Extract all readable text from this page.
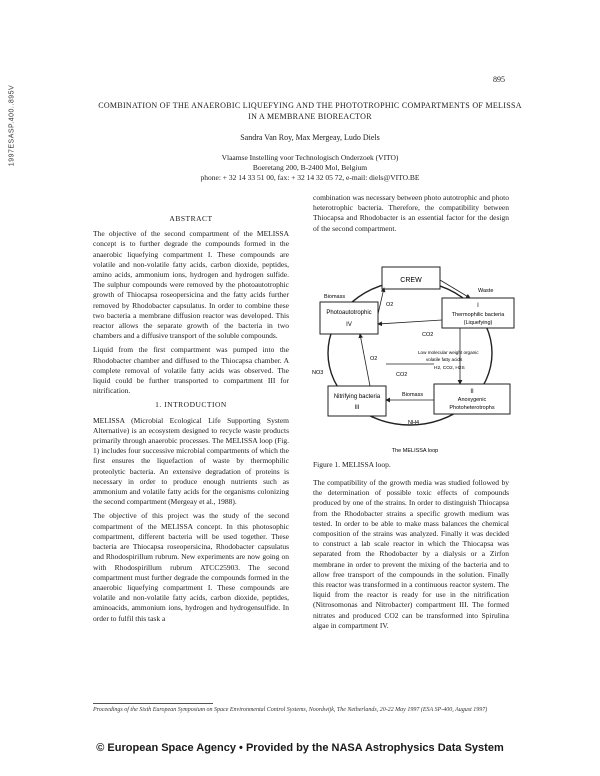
1997ESASP.400..895V
895
COMBINATION OF THE ANAEROBIC LIQUEFYING AND THE PHOTOTROPHIC COMPARTMENTS OF MELISSA IN A MEMBRANE BIOREACTOR
Sandra Van Roy, Max Mergeay, Ludo Diels
Vlaamse Instelling voor Technologisch Onderzoek (VITO)
Boeretang 200, B-2400 Mol, Belgium
phone: + 32 14 33 51 00, fax: + 32 14 32 05 72, e-mail: diels@VITO.BE
ABSTRACT

The objective of the second compartment of the MELISSA concept is to further degrade the compounds formed in the anaerobic liquefying compartment I. These compounds are volatile and non-volatile fatty acids, carbon dioxide, peptides, amino acids, ammonium ions, hydrogen and hydrogen sulfide. The sulphur compounds were removed by the photoautotrophic growth of Thiocapsa roseopersicina and the fatty acids further removed by Rhodobacter capsulatus. In order to combine these two bacteria a membrane diffusion reactor was developed. This reactor allows the separate growth of the bacteria in two chambers and a diffusive transport of the soluble compounds.

Liquid from the first compartment was pumped into the Rhodobacter chamber and diffused to the Thiocapsa chamber. A complete removal of volatile fatty acids was observed. The liquid could be further transported to compartment III for nitrification.

1. INTRODUCTION

MELISSA (Microbial Ecological Life Supporting System Alternative) is an ecosystem designed to recycle waste products primarily through anaerobic processes. The MELISSA loop (Fig. 1) includes four successive microbial compartments of which the first ensures the liquefaction of waste by thermophilic proteolytic bacteria. An extensive degradation of proteins is necessary in order to produce enough nutrients such as ammonium and volatile fatty acids for the organisms colonizing the second compartment (Mergeay et al., 1988).

The objective of this project was the study of the second compartment of the MELISSA concept. In this photosophic compartment, different bacteria will be used together. These bacteria are Thiocapsa roseopersicina, Rhodobacter capsulatus and Rhodospirillum rubrum. New experiments are now going on with Rhodospirillum rubrum ATCC25903. The second compartment must further degrade the compounds formed in the anaerobic liquefying compartment I. These compounds are volatile and non-volatile fatty acids, carbon dioxide, peptides, aminoacids, ammonium ions, hydrogen and hydrogensulfide. In order to fulfil this task a

combination was necessary between photo autotrophic and photo heterotrophic bacteria. Therefore, the compatibility between Thiocapsa and Rhodobacter is an essential factor for the design of the second compartment.

CREW
Photoautotrophic
IV
I
Thermophilic bacteria
(Liquefying)
Nitrifying bacteria
III
II
Anoxygenic
Photoheterotrophs
Biomass
Waste
O2
CO2
O2
CO2
NO3
Low molecular weight organic
volatile fatty acids
H2, CO2, H2S
Biomass
NH4
The MELISSA loop
Figure 1. MELISSA loop.

The compatibility of the growth media was studied followed by the determination of possible toxic effects of compounds produced by one of the strains. In order to distinguish Thiocapsa from the Rhodobacter strains a specific growth medium was tested. In order to be able to make mass balances the chemical composition of the strains was analyzed. Finally it was decided to construct a lab scale reactor in which the Thiocapsa was separated from the Rhodobacter by a dialysis or a Zirfon membrane in order to prevent the mixing of the bacteria and to allow free transport of the compounds in the solution. Finally this reactor was transformed in a continuous reactor system. The liquid from the reactor is ready for use in the nitrification (Nitrosomonas and Nitrobacter) compartment III. The formed nitrates and produced CO2 can be transformed into Spirulina algae in compartment IV.

Proceedings of the Sixth European Symposium on Space Environmental Control Systems, Noordwijk, The Netherlands, 20-22 May 1997 (ESA SP-400, August 1997)
© European Space Agency • Provided by the NASA Astrophysics Data System
